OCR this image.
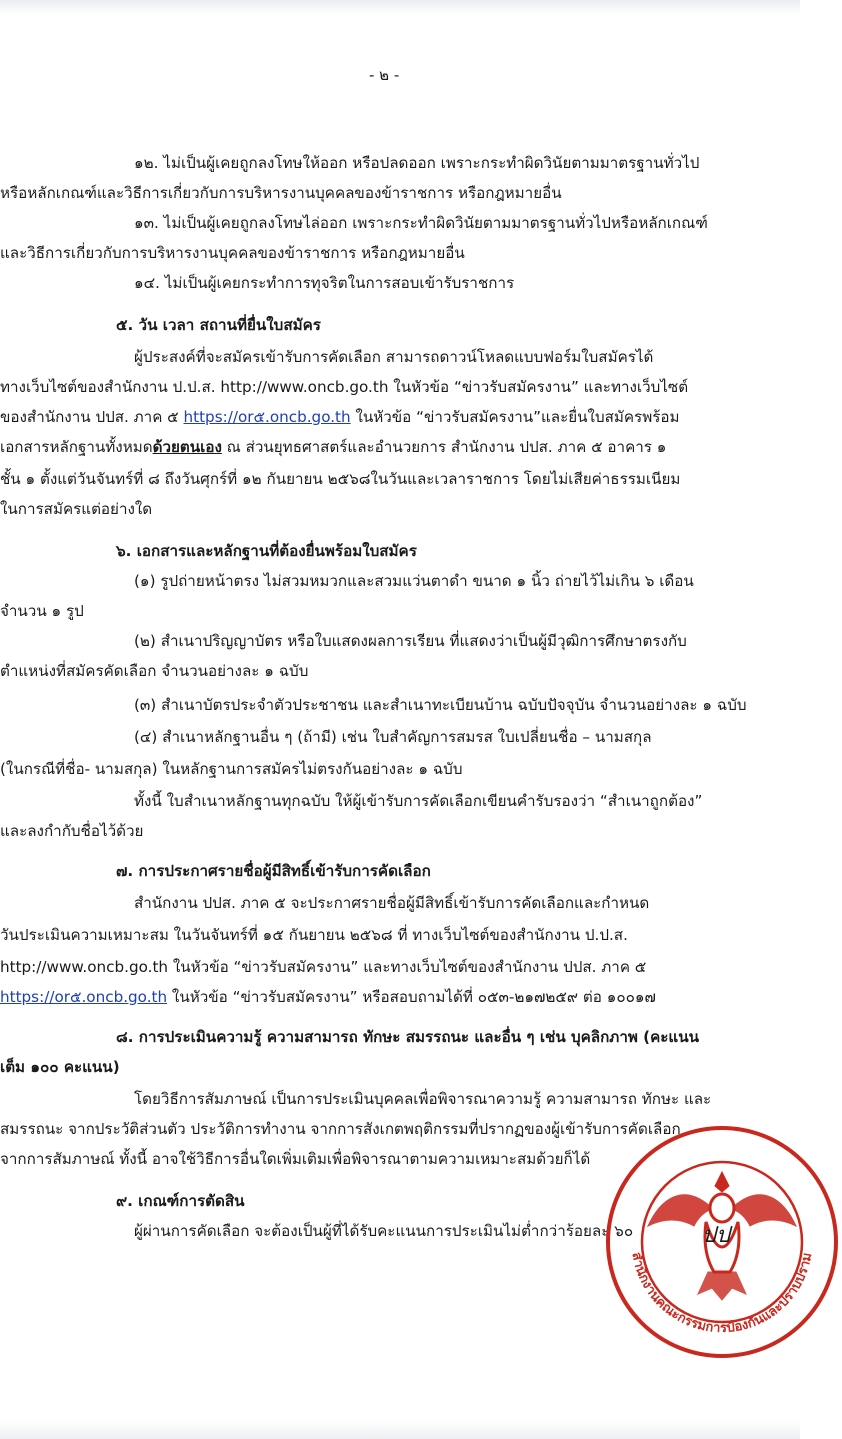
- ๒ -
๑๒. ไม่เป็นผู้เคยถูกลงโทษให้ออก หรือปลดออก เพราะกระทำผิดวินัยตามมาตรฐานทั่วไป
หรือหลักเกณฑ์และวิธีการเกี่ยวกับการบริหารงานบุคคลของข้าราชการ หรือกฎหมายอื่น
๑๓. ไม่เป็นผู้เคยถูกลงโทษไล่ออก เพราะกระทำผิดวินัยตามมาตรฐานทั่วไปหรือหลักเกณฑ์
และวิธีการเกี่ยวกับการบริหารงานบุคคลของข้าราชการ หรือกฎหมายอื่น
๑๔. ไม่เป็นผู้เคยกระทำการทุจริตในการสอบเข้ารับราชการ
๕. วัน เวลา สถานที่ยื่นใบสมัคร
ผู้ประสงค์ที่จะสมัครเข้ารับการคัดเลือก สามารถดาวน์โหลดแบบฟอร์มใบสมัครได้
ทางเว็บไซต์ของสำนักงาน ป.ป.ส. http://www.oncb.go.th ในหัวข้อ “ข่าวรับสมัครงาน” และทางเว็บไซต์
ของสำนักงาน ปปส. ภาค ๕ https://or๕.oncb.go.th ในหัวข้อ “ข่าวรับสมัครงาน”และยื่นใบสมัครพร้อม
เอกสารหลักฐานทั้งหมดด้วยตนเอง ณ ส่วนยุทธศาสตร์และอำนวยการ สำนักงาน ปปส. ภาค ๕ อาคาร ๑
ชั้น ๑ ตั้งแต่วันจันทร์ที่ ๘ ถึงวันศุกร์ที่ ๑๒ กันยายน ๒๕๖๘ในวันและเวลาราชการ โดยไม่เสียค่าธรรมเนียม
ในการสมัครแต่อย่างใด
๖. เอกสารและหลักฐานที่ต้องยื่นพร้อมใบสมัคร
(๑) รูปถ่ายหน้าตรง ไม่สวมหมวกและสวมแว่นตาดำ ขนาด ๑ นิ้ว ถ่ายไว้ไม่เกิน ๖ เดือน
จำนวน ๑ รูป
(๒) สำเนาปริญญาบัตร หรือใบแสดงผลการเรียน ที่แสดงว่าเป็นผู้มีวุฒิการศึกษาตรงกับ
ตำแหน่งที่สมัครคัดเลือก จำนวนอย่างละ ๑ ฉบับ
(๓) สำเนาบัตรประจำตัวประชาชน และสำเนาทะเบียนบ้าน ฉบับปัจจุบัน จำนวนอย่างละ ๑ ฉบับ
(๔) สำเนาหลักฐานอื่น ๆ (ถ้ามี) เช่น ใบสำคัญการสมรส ใบเปลี่ยนชื่อ – นามสกุล
(ในกรณีที่ชื่อ- นามสกุล) ในหลักฐานการสมัครไม่ตรงกันอย่างละ ๑ ฉบับ
ทั้งนี้ ใบสำเนาหลักฐานทุกฉบับ ให้ผู้เข้ารับการคัดเลือกเขียนคำรับรองว่า “สำเนาถูกต้อง”
และลงกำกับชื่อไว้ด้วย
๗. การประกาศรายชื่อผู้มีสิทธิ์เข้ารับการคัดเลือก
สำนักงาน ปปส. ภาค ๕ จะประกาศรายชื่อผู้มีสิทธิ์เข้ารับการคัดเลือกและกำหนด
วันประเมินความเหมาะสม ในวันจันทร์ที่ ๑๕ กันยายน ๒๕๖๘ ที่ ทางเว็บไซต์ของสำนักงาน ป.ป.ส.
http://www.oncb.go.th ในหัวข้อ “ข่าวรับสมัครงาน” และทางเว็บไซต์ของสำนักงาน ปปส. ภาค ๕
https://or๕.oncb.go.th ในหัวข้อ “ข่าวรับสมัครงาน” หรือสอบถามได้ที่ ๐๕๓-๒๑๗๒๕๙ ต่อ ๑๐๐๑๗
๘. การประเมินความรู้ ความสามารถ ทักษะ สมรรถนะ และอื่น ๆ เช่น บุคลิกภาพ (คะแนน
เต็ม ๑๐๐ คะแนน)
โดยวิธีการสัมภาษณ์ เป็นการประเมินบุคคลเพื่อพิจารณาความรู้ ความสามารถ ทักษะ และ
สมรรถนะ จากประวัติส่วนตัว ประวัติการทำงาน จากการสังเกตพฤติกรรมที่ปรากฏของผู้เข้ารับการคัดเลือก
จากการสัมภาษณ์ ทั้งนี้ อาจใช้วิธีการอื่นใดเพิ่มเติมเพื่อพิจารณาตามความเหมาะสมด้วยก็ได้
๙. เกณฑ์การตัดสิน
ผู้ผ่านการคัดเลือก จะต้องเป็นผู้ที่ได้รับคะแนนการประเมินไม่ต่ำกว่าร้อยละ ๖๐	ปป
สำนักงานคณะกรรมการป้องกันและปราบปราม
